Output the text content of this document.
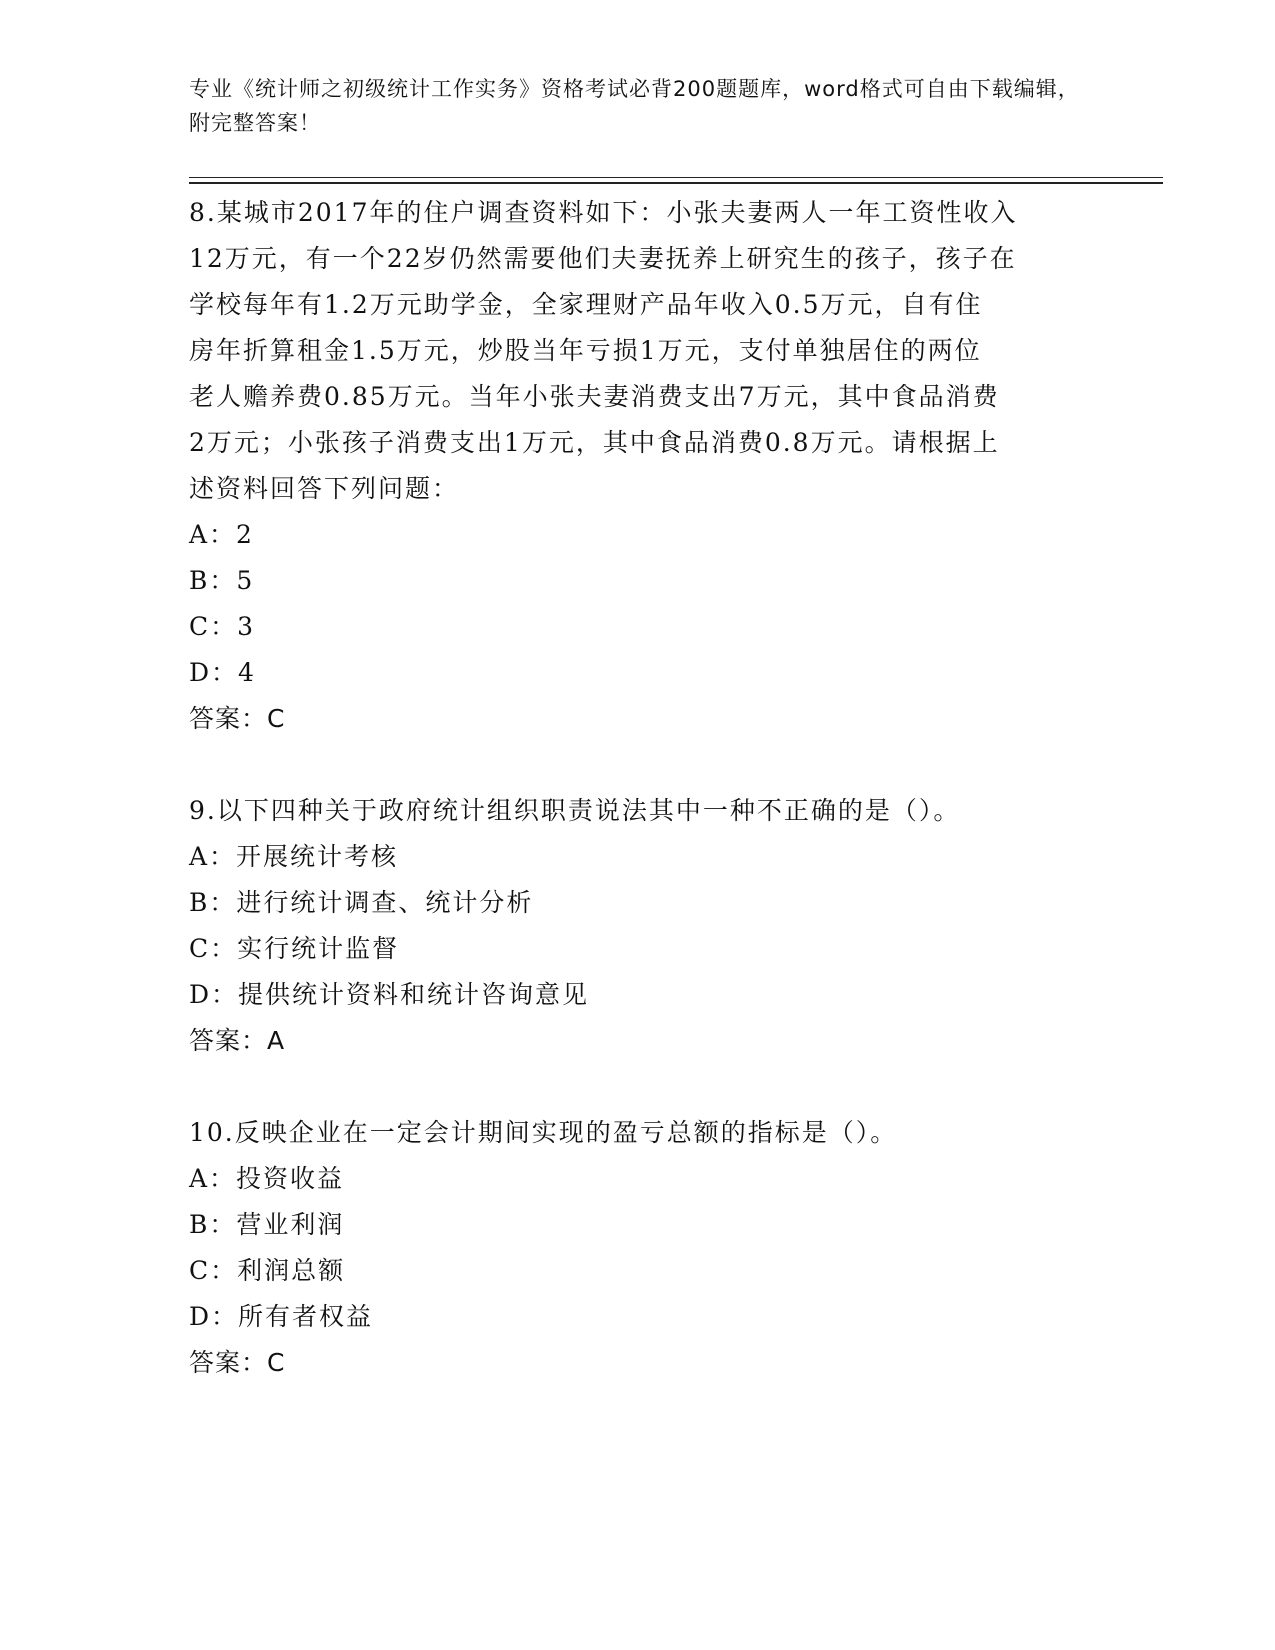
专业《统计师之初级统计工作实务》资格考试必背200题题库，word格式可自由下载编辑，附完整答案！
8.某城市2017年的住户调查资料如下：小张夫妻两人一年工资性收入
12万元，有一个22岁仍然需要他们夫妻抚养上研究生的孩子，孩子在
学校每年有1.2万元助学金，全家理财产品年收入0.5万元，自有住
房年折算租金1.5万元，炒股当年亏损1万元，支付单独居住的两位
老人赡养费0.85万元。当年小张夫妻消费支出7万元，其中食品消费
2万元；小张孩子消费支出1万元，其中食品消费0.8万元。请根据上
述资料回答下列问题：
A：2
B：5
C：3
D：4
答案：C
9.以下四种关于政府统计组织职责说法其中一种不正确的是（）。
A：开展统计考核
B：进行统计调查、统计分析
C：实行统计监督
D：提供统计资料和统计咨询意见
答案：A
10.反映企业在一定会计期间实现的盈亏总额的指标是（）。
A：投资收益
B：营业利润
C：利润总额
D：所有者权益
答案：C
